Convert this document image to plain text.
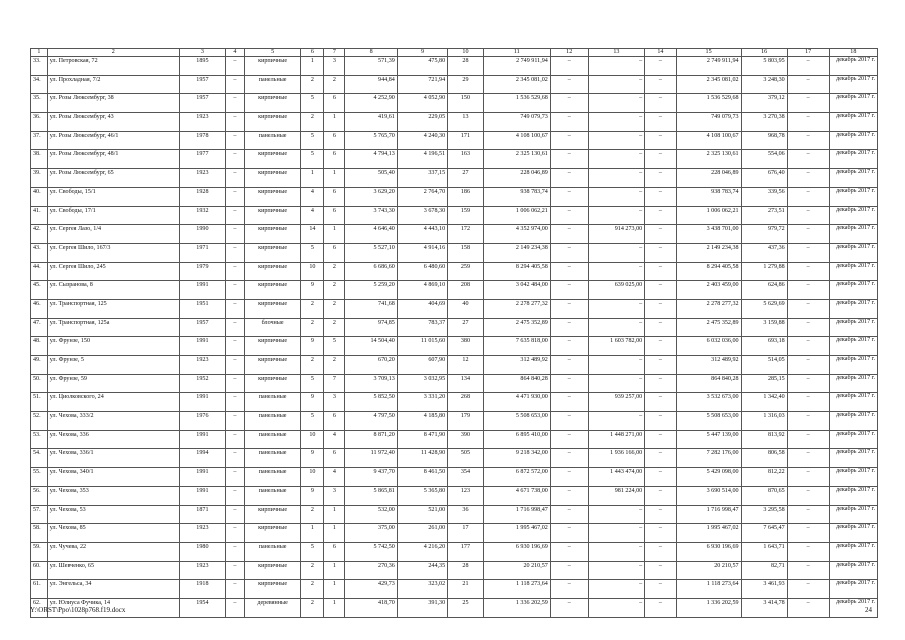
1	2	3	4	5	6	7	8	9	10	11	12	13	14	15	16	17	18
33.	ул. Петровская, 72	1895	–	кирпичные	1	3	571,39	475,80	28	2 749 911,94	–	–	–	2 749 911,94	5 803,95	–	декабрь 2017 г.
34.	ул. Прохладная, 7/2	1957	–	панельные	2	2	944,84	721,94	29	2 345 081,02	–	–	–	2 345 081,02	3 248,30	–	декабрь 2017 г.
35.	ул. Розы Люксембург, 38	1957	–	кирпичные	5	6	4 252,90	4 052,90	150	1 536 529,68	–	–	–	1 536 529,68	379,12	–	декабрь 2017 г.
36.	ул. Розы Люксембург, 43	1923	–	кирпичные	2	1	419,61	229,05	13	749 079,73	–	–	–	749 079,73	3 270,38	–	декабрь 2017 г.
37.	ул. Розы Люксембург, 46/1	1978	–	панельные	5	6	5 765,70	4 240,30	171	4 108 100,67	–	–	–	4 108 100,67	968,78	–	декабрь 2017 г.
38.	ул. Розы Люксембург, 48/1	1977	–	кирпичные	5	6	4 794,13	4 196,51	163	2 325 130,61	–	–	–	2 325 130,61	554,06	–	декабрь 2017 г.
39.	ул. Розы Люксембург, 65	1923	–	кирпичные	1	1	505,40	337,15	27	228 046,89	–	–	–	228 046,89	676,40	–	декабрь 2017 г.
40.	ул. Свободы, 15/1	1928	–	кирпичные	4	6	3 629,20	2 764,70	186	938 783,74	–	–	–	938 783,74	339,56	–	декабрь 2017 г.
41.	ул. Свободы, 17/1	1932	–	кирпичные	4	6	3 743,30	3 678,30	159	1 006 062,21	–	–	–	1 006 062,21	273,51	–	декабрь 2017 г.
42.	ул. Сергея Лазо, 1/4	1990	–	кирпичные	14	1	4 646,40	4 443,10	172	4 352 974,00	–	914 273,00	–	3 438 701,00	979,72	–	декабрь 2017 г.
43.	ул. Сергея Шило, 167/3	1971	–	кирпичные	5	6	5 527,10	4 914,16	158	2 149 234,38	–	–	–	2 149 234,38	437,36	–	декабрь 2017 г.
44.	ул. Сергея Шило, 245	1979	–	кирпичные	10	2	6 686,60	6 480,60	259	8 294 405,58	–	–	–	8 294 405,58	1 279,88	–	декабрь 2017 г.
45.	ул. Сызранова, 8	1991	–	кирпичные	9	2	5 259,20	4 869,10	208	3 042 484,00	–	639 025,00	–	2 403 459,00	624,86	–	декабрь 2017 г.
46.	ул. Транспортная, 125	1951	–	кирпичные	2	2	741,68	404,69	40	2 278 277,32	–	–	–	2 278 277,32	5 629,69	–	декабрь 2017 г.
47.	ул. Транспортная, 125а	1957	–	блочные	2	2	974,85	783,37	27	2 475 352,89	–	–	–	2 475 352,89	3 159,88	–	декабрь 2017 г.
48.	ул. Фрунзе, 150	1991	–	кирпичные	9	5	14 504,40	11 015,60	380	7 635 818,00	–	1 603 782,00	–	6 032 036,00	693,18	–	декабрь 2017 г.
49.	ул. Фрунзе, 5	1923	–	кирпичные	2	2	670,20	607,90	12	312 489,92	–	–	–	312 489,92	514,05	–	декабрь 2017 г.
50.	ул. Фрунзе, 59	1952	–	кирпичные	5	7	3 709,13	3 032,95	134	864 840,28	–	–	–	864 840,28	285,15	–	декабрь 2017 г.
51.	ул. Циолковского, 24	1991	–	панельные	9	3	5 852,50	3 331,20	268	4 471 930,00	–	939 257,00	–	3 532 673,00	1 342,40	–	декабрь 2017 г.
52.	ул. Чехова, 333/2	1976	–	панельные	5	6	4 797,50	4 185,80	179	5 508 653,00	–	–	–	5 508 653,00	1 316,03	–	декабрь 2017 г.
53.	ул. Чехова, 336	1991	–	панельные	10	4	8 871,20	8 471,90	390	6 895 410,00	–	1 448 271,00	–	5 447 139,00	813,92	–	декабрь 2017 г.
54.	ул. Чехова, 336/1	1994	–	панельные	9	6	11 972,40	11 428,90	505	9 218 342,00	–	1 936 166,00	–	7 282 176,00	806,58	–	декабрь 2017 г.
55.	ул. Чехова, 340/1	1991	–	панельные	10	4	9 437,70	8 461,50	354	6 872 572,00	–	1 443 474,00	–	5 429 098,00	812,22	–	декабрь 2017 г.
56.	ул. Чехова, 353	1991	–	панельные	9	3	5 865,81	5 365,80	123	4 671 738,00	–	981 224,00	–	3 690 514,00	870,65	–	декабрь 2017 г.
57.	ул. Чехова, 53	1871	–	кирпичные	2	1	532,00	521,00	36	1 716 998,47	–	–	–	1 716 998,47	3 295,58	–	декабрь 2017 г.
58.	ул. Чехова, 85	1923	–	кирпичные	1	1	375,00	261,00	17	1 995 467,02	–	–	–	1 995 467,02	7 645,47	–	декабрь 2017 г.
59.	ул. Чучева, 22	1980	–	панельные	5	6	5 742,50	4 216,20	177	6 930 196,69	–	–	–	6 930 196,69	1 643,71	–	декабрь 2017 г.
60.	ул. Шевченко, 65	1923	–	кирпичные	2	1	270,36	244,35	28	20 210,57	–	–	–	20 210,57	82,71	–	декабрь 2017 г.
61.	ул. Энгельса, 34	1918	–	кирпичные	2	1	429,73	323,02	21	1 118 273,64	–	–	–	1 118 273,64	3 461,93	–	декабрь 2017 г.
62.	ул. Юлиуса Фучика, 14	1954	–	деревянные	2	1	418,70	391,30	25	1 336 202,59	–	–	–	1 336 202,59	3 414,78	–	декабрь 2017 г.
Y:\ORST\Ppo\1028p768.f19.docx	24
